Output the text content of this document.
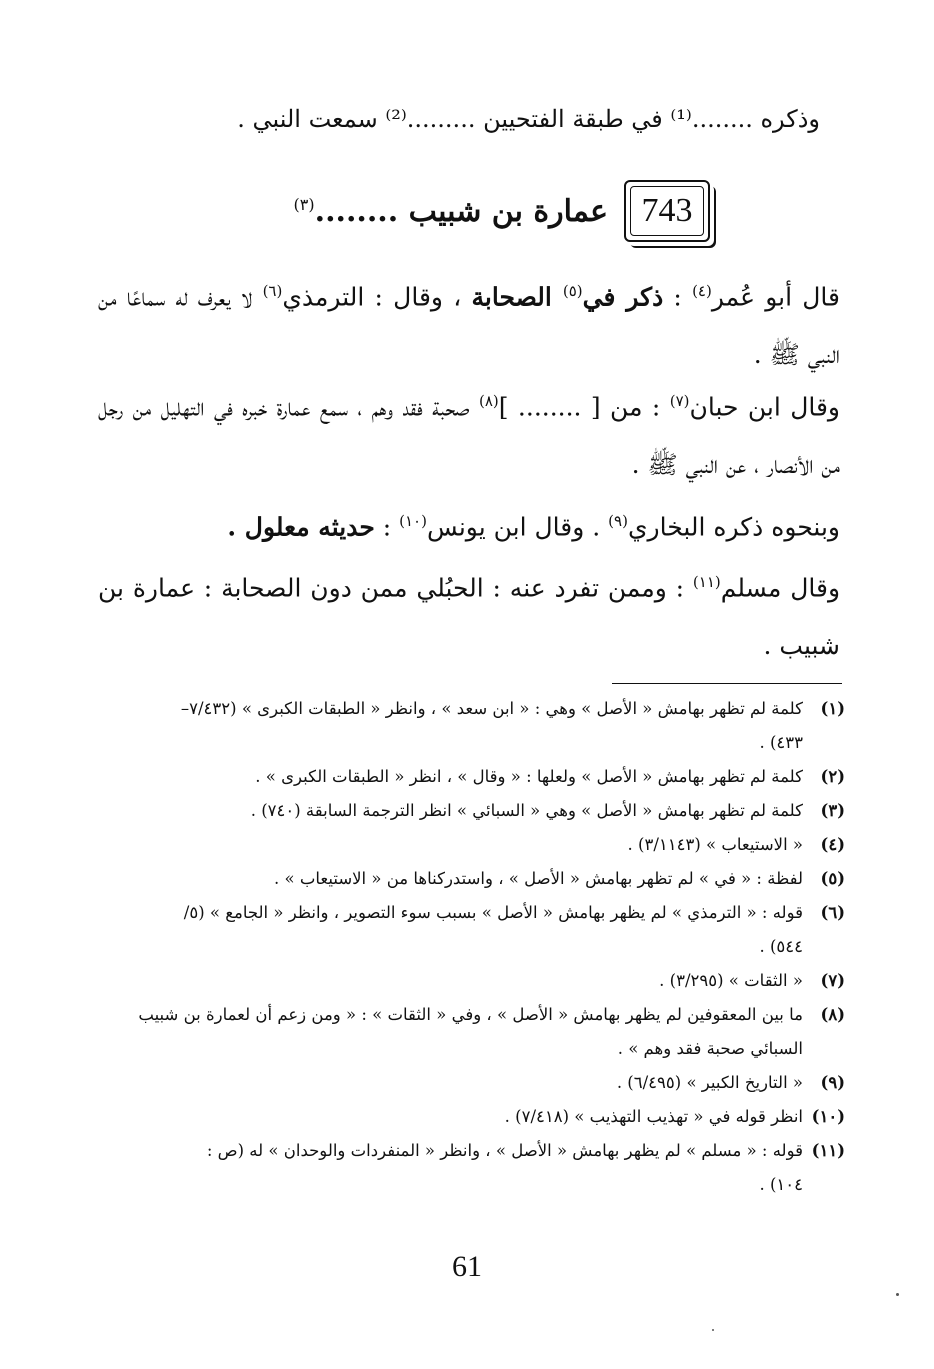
وذكره ........⁽¹⁾ في طبقة الفتحيين .........⁽²⁾ سمعت النبي .
743
عمارة بن شبيب ........$^{(٣)}$
قال أبو عُمر$^{(٤)}$ : ذكر في$^{(٥)}$ الصحابة ، وقال : الترمذي$^{(٦)}$ لا يعرف له سماعًا من النبي ﷺ .
وقال ابن حبان$^{(٧)}$ : من [ ........ ]$^{(٨)}$ صحبة فقد وهم ، سمع عمارة خبره في التهليل من رجل من الأنصار ، عن النبي ﷺ .
وبنحوه ذكره البخاري$^{(٩)}$ . وقال ابن يونس$^{(١٠)}$ : حديثه معلول .
وقال مسلم$^{(١١)}$ : وممن تفرد عنه : الحبُلي ممن دون الصحابة : عمارة بن شبيب .
(١)
كلمة لم تظهر بهامش « الأصل » وهي : « ابن سعد » ، وانظر « الطبقات الكبرى » (٧/٤٣٢–
٤٣٣) .
(٢)
كلمة لم تظهر بهامش « الأصل » ولعلها : « وقال » ، انظر « الطبقات الكبرى » .
(٣)
كلمة لم تظهر بهامش « الأصل » وهي « السبائي » انظر الترجمة السابقة (٧٤٠) .
(٤)
« الاستيعاب » (٣/١١٤٣) .
(٥)
لفظة : « في » لم تظهر بهامش « الأصل » ، واستدركناها من « الاستيعاب » .
(٦)
قوله : « الترمذي » لم يظهر بهامش « الأصل » بسبب سوء التصوير ، وانظر « الجامع » (٥/
٥٤٤) .
(٧)
« الثقات » (٣/٢٩٥) .
(٨)
ما بين المعقوفين لم يظهر بهامش « الأصل » ، وفي « الثقات » : « ومن زعم أن لعمارة بن شبيب
السبائي صحبة فقد وهم » .
(٩)
« التاريخ الكبير » (٦/٤٩٥) .
(١٠)
انظر قوله في « تهذيب التهذيب » (٧/٤١٨) .
(١١)
قوله : « مسلم » لم يظهر بهامش « الأصل » ، وانظر « المنفردات والوحدان » له (ص :
١٠٤) .
61
